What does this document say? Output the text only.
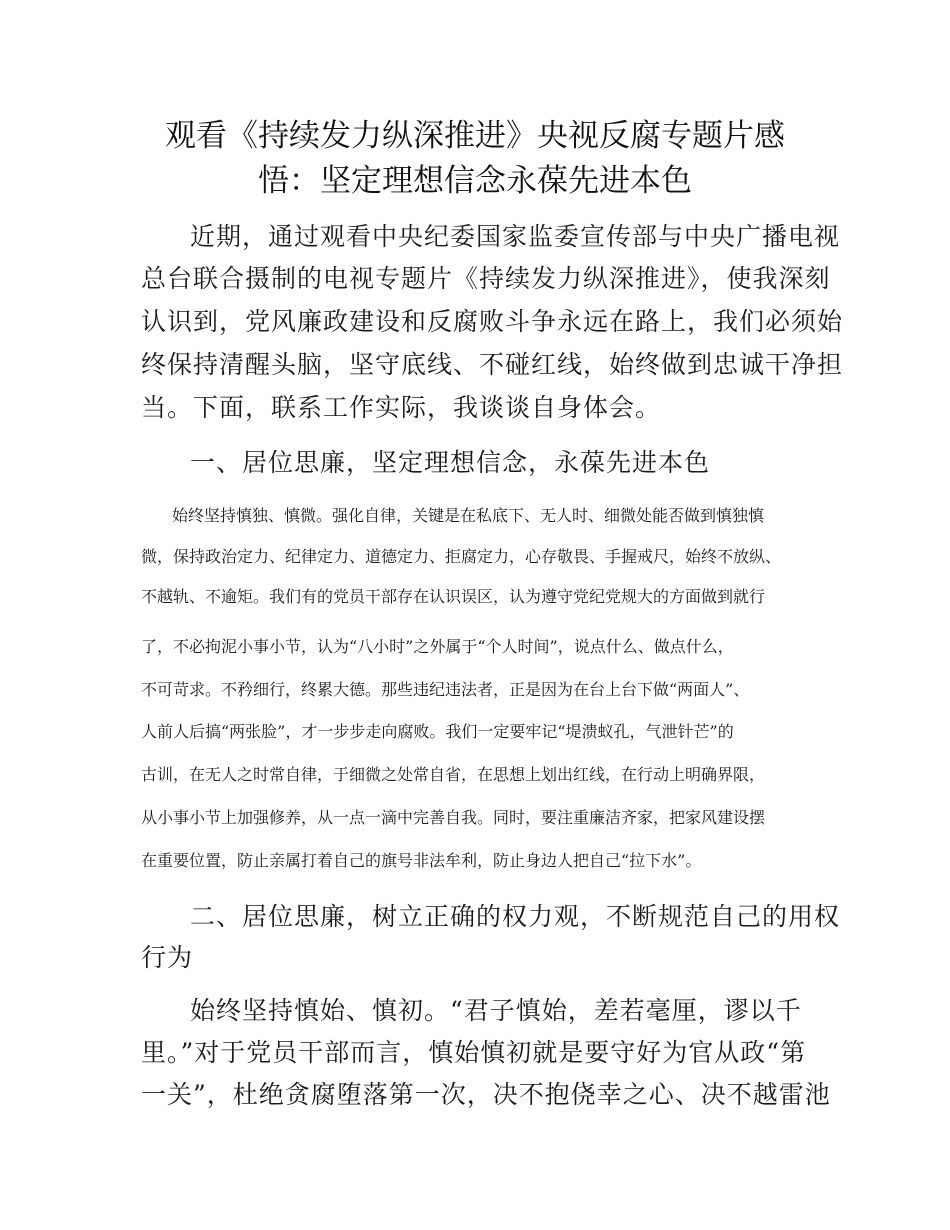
观看《持续发力纵深推进》央视反腐专题片感
悟：坚定理想信念永葆先进本色
近期，通过观看中央纪委国家监委宣传部与中央广播电视
总台联合摄制的电视专题片《持续发力纵深推进》，使我深刻
认识到，党风廉政建设和反腐败斗争永远在路上，我们必须始
终保持清醒头脑，坚守底线、不碰红线，始终做到忠诚干净担
当。下面，联系工作实际，我谈谈自身体会。
一、居位思廉，坚定理想信念，永葆先进本色
始终坚持慎独、慎微。强化自律，关键是在私底下、无人时、细微处能否做到慎独慎
微，保持政治定力、纪律定力、道德定力、拒腐定力，心存敬畏、手握戒尺，始终不放纵、
不越轨、不逾矩。我们有的党员干部存在认识误区，认为遵守党纪党规大的方面做到就行
了，不必拘泥小事小节，认为“八小时”之外属于“个人时间”，说点什么、做点什么，
不可苛求。不矜细行，终累大德。那些违纪违法者，正是因为在台上台下做“两面人”、
人前人后搞“两张脸”，才一步步走向腐败。我们一定要牢记“堤溃蚁孔，气泄针芒”的
古训，在无人之时常自律，于细微之处常自省，在思想上划出红线，在行动上明确界限，
从小事小节上加强修养，从一点一滴中完善自我。同时，要注重廉洁齐家，把家风建设摆
在重要位置，防止亲属打着自己的旗号非法牟利，防止身边人把自己“拉下水”。
二、居位思廉，树立正确的权力观，不断规范自己的用权
行为
始终坚持慎始、慎初。“君子慎始，差若毫厘，谬以千
里。”对于党员干部而言，慎始慎初就是要守好为官从政“第
一关”，杜绝贪腐堕落第一次，决不抱侥幸之心、决不越雷池
